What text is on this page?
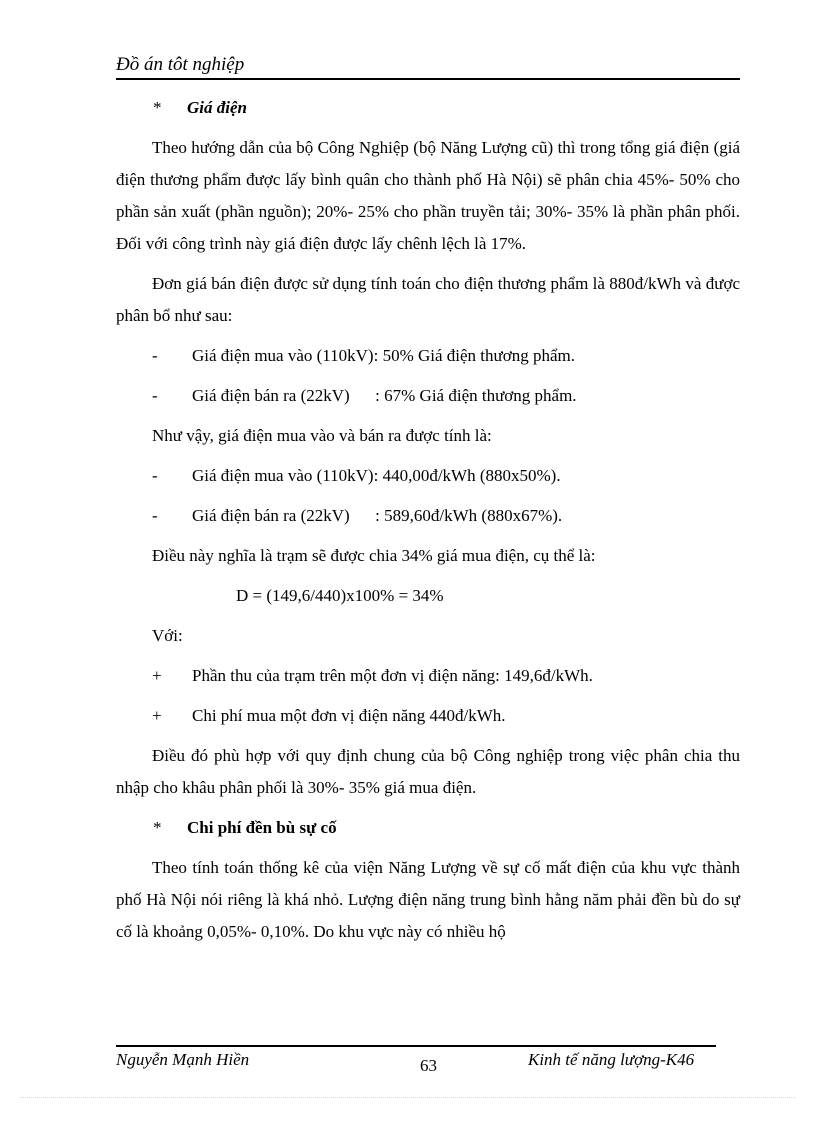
Đồ án tôt nghiệp
*	Giá điện

Theo hướng dẫn của bộ Công Nghiệp (bộ Năng Lượng cũ) thì trong tổng giá điện (giá điện thương phẩm được lấy bình quân cho thành phố Hà Nội) sẽ phân chia 45%- 50% cho phần sản xuất (phần nguồn); 20%- 25% cho phần truyền tải; 30%- 35% là phần phân phối. Đối với công trình này giá điện được lấy chênh lệch là 17%.

Đơn giá bán điện được sử dụng tính toán cho điện thương phẩm là 880đ/kWh và được phân bổ như sau:

-	Giá điện mua vào (110kV): 50% Giá điện thương phẩm.
-	Giá điện bán ra (22kV)      : 67% Giá điện thương phẩm.

Như vậy, giá điện mua vào và bán ra được tính là:

-	Giá điện mua vào (110kV): 440,00đ/kWh (880x50%).
-	Giá điện bán ra (22kV)      : 589,60đ/kWh (880x67%).

Điều này nghĩa là trạm sẽ được chia 34% giá mua điện, cụ thể là:

D = (149,6/440)x100% = 34%

Với:

+	Phần thu của trạm trên một đơn vị điện năng: 149,6đ/kWh.
+	Chi phí mua một đơn vị điện năng 440đ/kWh.

Điều đó phù hợp với quy định chung của bộ Công nghiệp trong việc phân chia thu nhập cho khâu phân phối là 30%- 35% giá mua điện.

*	Chi phí đền bù sự cố

Theo tính toán thống kê của viện Năng Lượng về sự cố mất điện của khu vực thành phố Hà Nội nói riêng là khá nhỏ. Lượng điện năng trung bình hằng năm phải đền bù do sự cố là khoảng 0,05%- 0,10%. Do khu vực này có nhiều hộ

Nguyễn Mạnh Hiền	63	Kinh tế năng lượng-K46
